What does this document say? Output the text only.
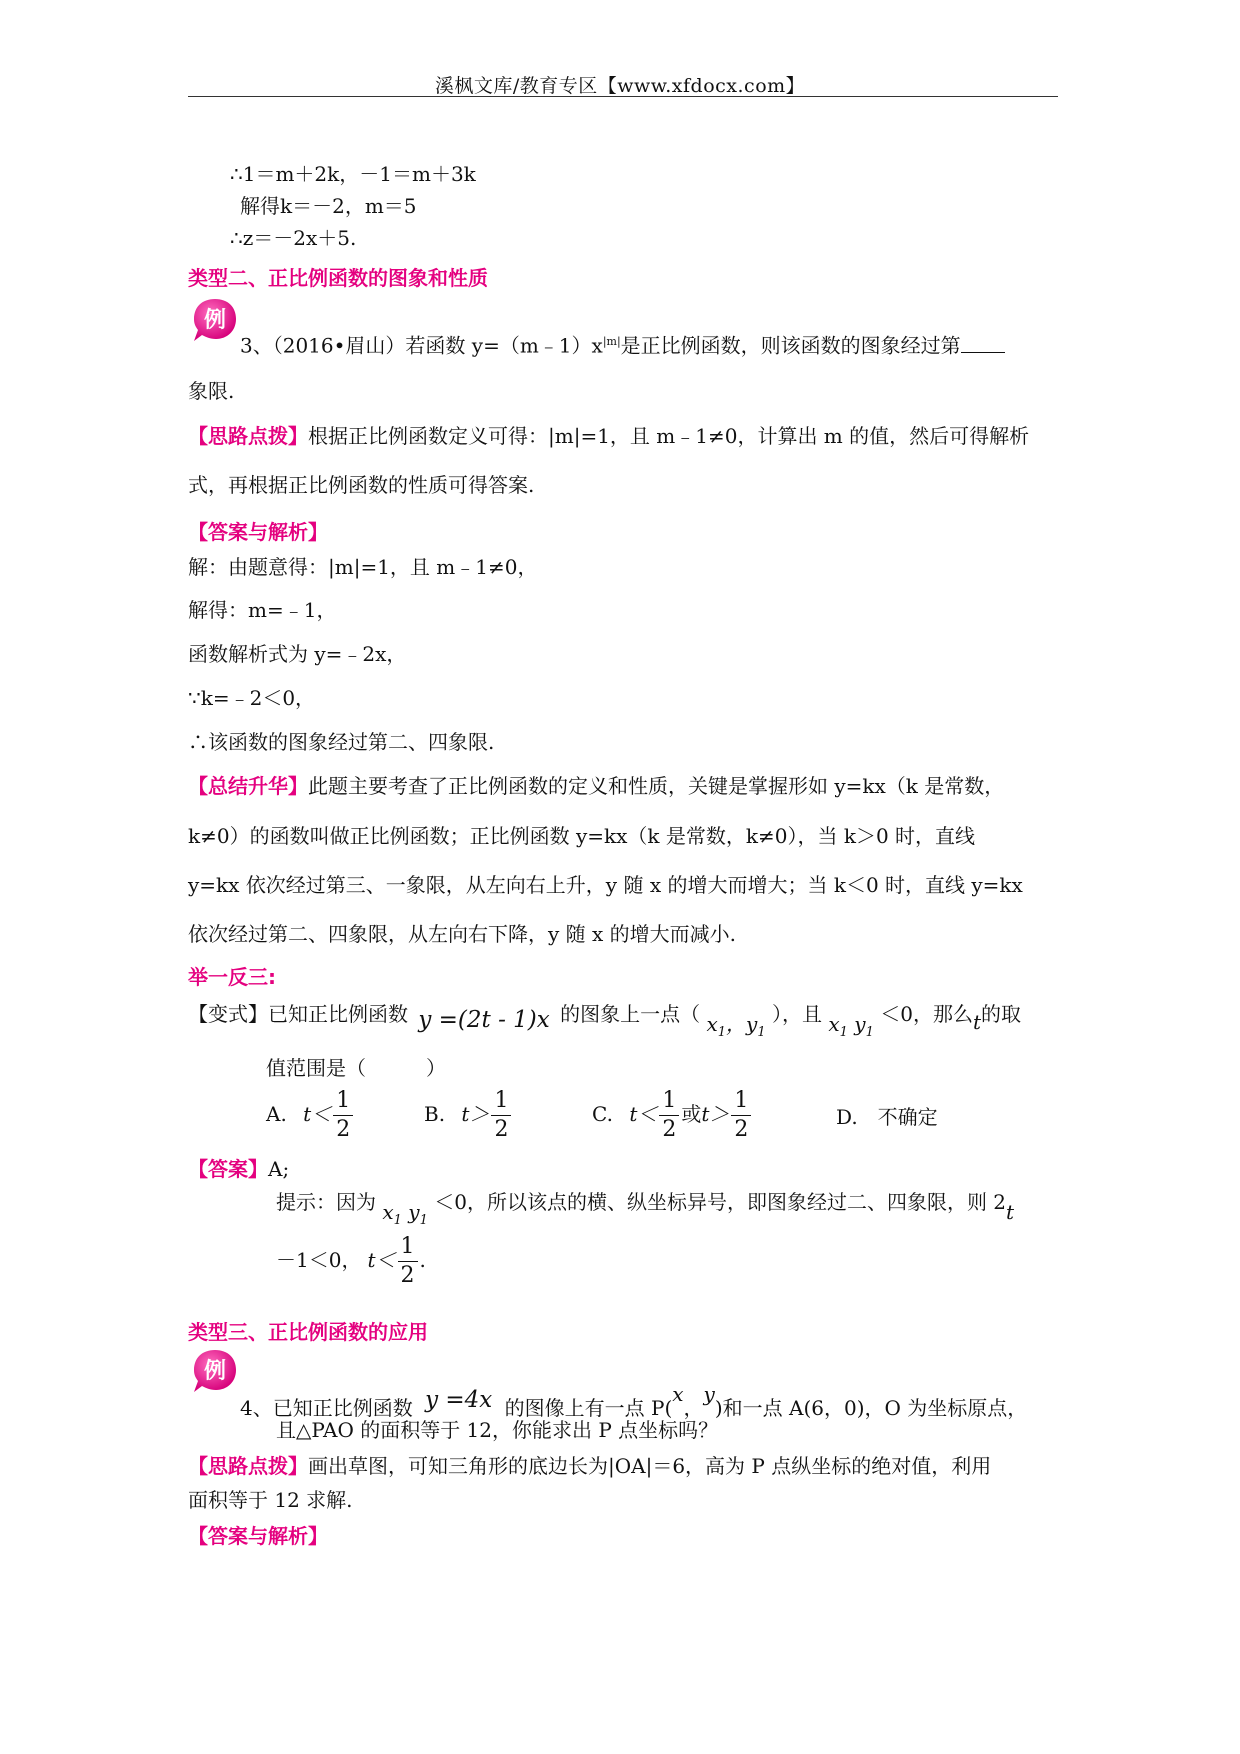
溪枫文库/教育专区【www.xfdocx.com】
∴1＝m＋2k，－1＝m＋3k
解得k＝－2，m＝5
∴z＝－2x＋5.
类型二、正比例函数的图象和性质
例
3、（2016•眉山）若函数 $y=(m﹣1)x^{|m|}$是正比例函数，则该函数的图象经过第
象限.
【思路点拨】根据正比例函数定义可得：|m|=1，且 m﹣1≠0，计算出 m 的值，然后可得解析
式，再根据正比例函数的性质可得答案.
【答案与解析】
解：由题意得：|m|=1，且 m﹣1≠0，
解得：m=﹣1，
函数解析式为 y=﹣2x，
∵k=﹣2＜0，
∴该函数的图象经过第二、四象限.
【总结升华】此题主要考查了正比例函数的定义和性质，关键是掌握形如 y=kx（k 是常数，
k≠0）的函数叫做正比例函数；正比例函数 y=kx（k 是常数，k≠0），当 k＞0 时，直线
y=kx 依次经过第三、一象限，从左向右上升，y 随 x 的增大而增大；当 k＜0 时，直线 y=kx
依次经过第二、四象限，从左向右下降，y 随 x 的增大而减小.
举一反三:
【变式】已知正比例函数 y =(2t - 1)x 的图象上一点（ $x_1$，$y_1$ ），且 $x_1$ $y_1 <0$，那么t的取
值范围是（　　　）
A. $t< \frac{1}{2}$	B. $t> \frac{1}{2}$	C. $t< \frac{1}{2}$ 或$t> \frac{1}{2}$	D.　不确定
【答案】A;
提示：因为 $x_1$ $y_1 <0$，所以该点的横、纵坐标异号，即图象经过二、四象限，则 2t
－1＜0， $t< \frac{1}{2}$ .
类型三、正比例函数的应用
例
4、已知正比例函数 y =4x 的图像上有一点 P(x，y)和一点 A(6，0)，O 为坐标原点，
且△PAO 的面积等于 12，你能求出 P 点坐标吗？
【思路点拨】画出草图，可知三角形的底边长为|OA|＝6，高为 P 点纵坐标的绝对值，利用
面积等于 12 求解.
【答案与解析】
